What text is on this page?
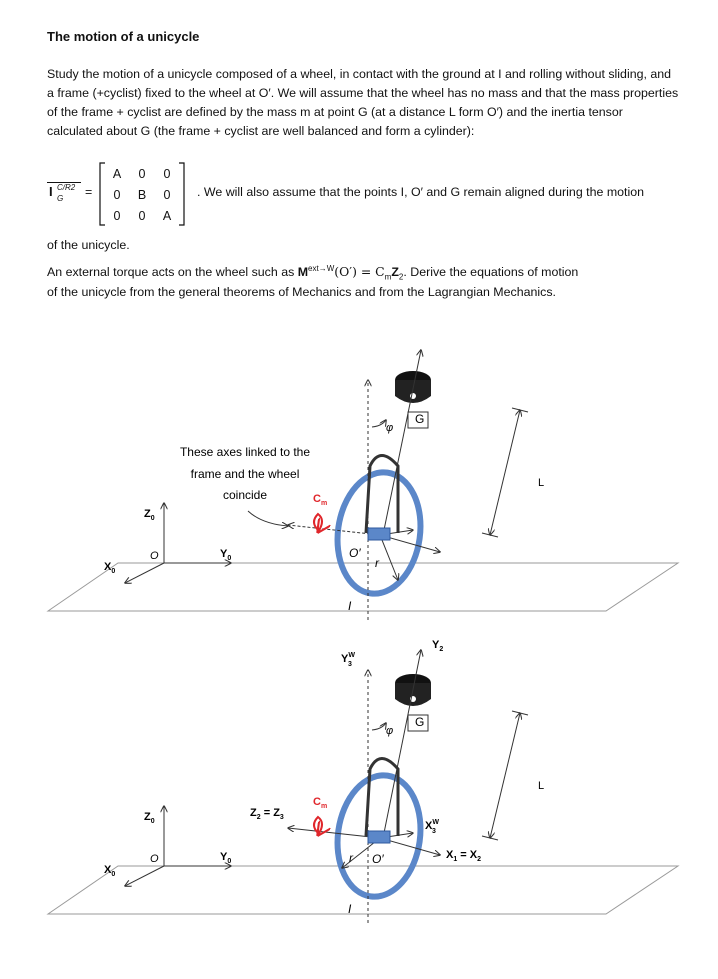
The motion of a unicycle
Study the motion of a unicycle composed of a wheel, in contact with the ground at I and rolling without sliding, and a frame (+cyclist) fixed to the wheel at O′. We will assume that the wheel has no mass and that the mass properties of the frame + cyclist are defined by the mass m at point G (at a distance L form O′) and the inertia tensor calculated about G (the frame + cyclist are well balanced and form a cylinder):
I C/R2
G =
A 0 0
0 B 0
0 0 A
. We will also assume that the points I, O′ and G remain aligned during the motion
of the unicycle.
An external torque acts on the wheel such as $M^{ext\to W}(O') = C_mZ_2$. Derive the equations of motion
of the unicycle from the general theorems of Mechanics and from the Lagrangian Mechanics.
$Z_0$
$Y_0$
$X_0$
O
These axes linked to the
frame and the wheel
coincide	$C_m$
G
φ
O′
r
I
L
$Z_0$
$Y_0$
$X_0$
O
$Z_2 = Z_3$
$C_m$
$Y^W$ 3
$Y_2$
G
φ
$X^W$ 3
$X_1 = X_2$
r O′
I
L
